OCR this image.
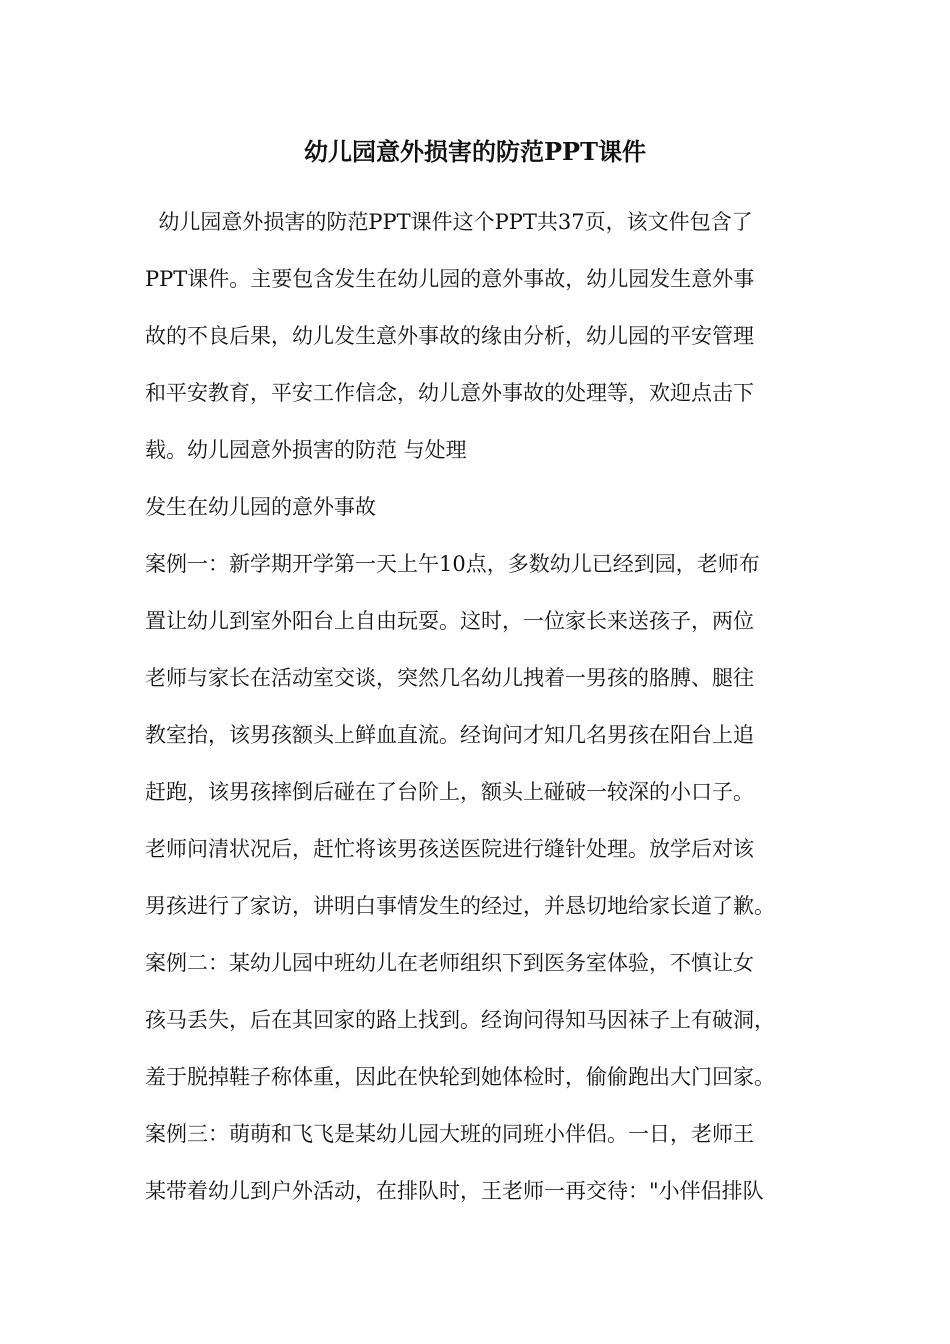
幼儿园意外损害的防范PPT课件
幼儿园意外损害的防范PPT课件这个PPT共37页，该文件包含了
PPT课件。主要包含发生在幼儿园的意外事故，幼儿园发生意外事
故的不良后果，幼儿发生意外事故的缘由分析，幼儿园的平安管理
和平安教育，平安工作信念，幼儿意外事故的处理等，欢迎点击下
载。幼儿园意外损害的防范 与处理
发生在幼儿园的意外事故
案例一：新学期开学第一天上午10点，多数幼儿已经到园，老师布
置让幼儿到室外阳台上自由玩耍。这时，一位家长来送孩子，两位
老师与家长在活动室交谈，突然几名幼儿拽着一男孩的胳膊、腿往
教室抬，该男孩额头上鲜血直流。经询问才知几名男孩在阳台上追
赶跑，该男孩摔倒后碰在了台阶上，额头上碰破一较深的小口子。
老师问清状况后，赶忙将该男孩送医院进行缝针处理。放学后对该
男孩进行了家访，讲明白事情发生的经过，并恳切地给家长道了歉。
案例二：某幼儿园中班幼儿在老师组织下到医务室体验，不慎让女
孩马丢失，后在其回家的路上找到。经询问得知马因袜子上有破洞，
羞于脱掉鞋子称体重，因此在快轮到她体检时，偷偷跑出大门回家。
案例三：萌萌和飞飞是某幼儿园大班的同班小伴侣。一日，老师王
某带着幼儿到户外活动，在排队时，王老师一再交待："小伴侣排队
